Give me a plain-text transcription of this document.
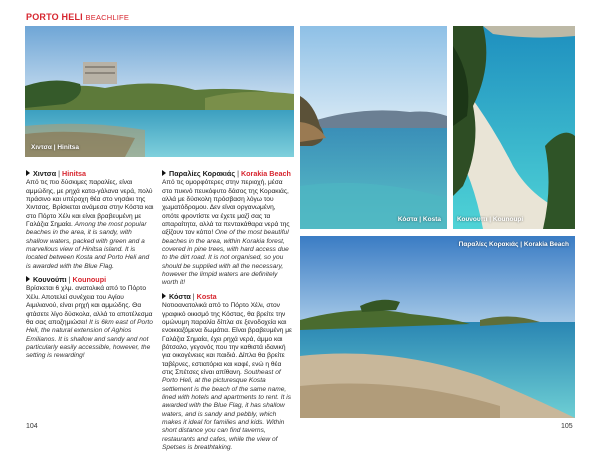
PORTO HELI BEACHLIFE
Χιντσα | Hinitsa
Κόστα | Kosta Κουνουπι | Kounoupi
Παραλίες Κορακιάς | Korakia Beach
Χιντσα | Hinitsa

Από τις πιο δύσκιμες παραλίες, είναι αμμώδης, με ρηχά κατα-γάλανα νερά, πολύ πράσινο και υπέροχη θέα στο νησάκι της Χιντσας. Βρίσκεται ανάμεσα στην Κόστα και στο Πόρτο Χέλι και είναι βραβευμένη με Γαλάζια Σημαία. Among the most popular beaches in the area, it is sandy, with shallow waters, packed with green and a marvellous view of Hinitsa island. It is located between Kosta and Porto Heli and is awarded with the Blue Flag.

Κουνούπι | Kounoupi

Βρίσκεται 6 χλμ. ανατολικά από το Πόρτο Χέλι. Αποτελεί συνέχεια του Αγίου Αιμιλιανού, είναι ρηχή και αμμώδης. Θα φτάσετε λίγο δύσκολα, αλλά το αποτέλεσμα θα σας αποζημιώσει! It is 6km east of Porto Heli, the natural extension of Aghios Emilianos. It is shallow and sandy and not particularly easily accessible, however, the setting is rewarding!

Παραλίες Κορακιάς | Korakia Beach

Από τις ομορφότερες στην περιοχή, μέσα στο πυκνό πευκόφυτο δάσος της Κορακιάς, αλλά με δύσκολη πρόσβαση λόγω του χωματόδρομου. Δεν είναι οργανωμένη, οπότε φροντίστε να έχετε μαζί σας τα απαραίτητα, αλλά τα πεντακάθαρα νερά της αξίζουν τον κόπο! One of the most beautiful beaches in the area, within Korakia forest, covered in pine trees, with hard access due to the dirt road. It is not organised, so you should be supplied with all the necessary, however the limpid waters are definitely worth it!

Κόστα | Kosta

Νοτιοανατολικά από το Πόρτο Χέλι, στον γραφικό οικισμό της Κόστας, θα βρείτε την ομώνυμη παραλία δίπλα σε ξενοδοχεία και ενοικιαζόμενα δωμάτια. Είναι βραβευμένη με Γαλάζια Σημαία, έχει ρηχά νερά, άμμο και βότσαλο, γεγονός που την καθιστά ιδανική για οικογένειες και παιδιά. Δίπλα θα βρείτε ταβέρνες, εστιατόρια και καφέ, ενώ η θέα στις Σπέτσες είναι απίθανη. Southeast of Porto Heli, at the picturesque Kosta settlement is the beach of the same name, lined with hotels and apartments to rent. It is awarded with the Blue Flag, it has shallow waters, and is sandy and pebbly, which makes it ideal for families and kids. Within short distance you can find taverns, restaurants and cafes, while the view of Spetses is breathtaking.

104	105
